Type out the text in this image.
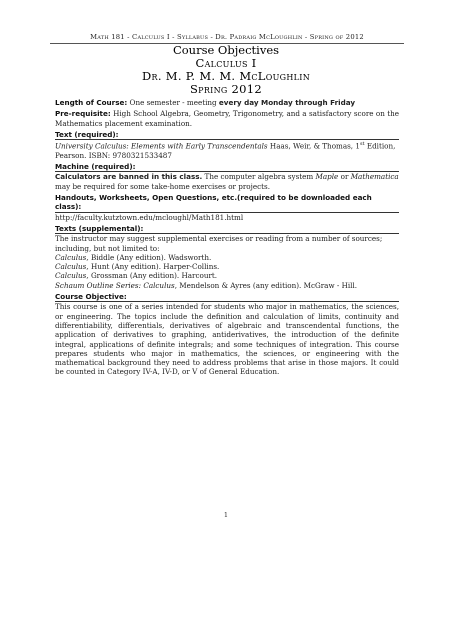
Math 181 - Calculus I - Syllabus - Dr. Padraig McLoughlin - Spring of 2012
Course Objectives
Calculus I
Dr. M. P. M. M. McLoughlin
Spring 2012
Length of Course: One semester - meeting every day Monday through Friday
Pre-requisite: High School Algebra, Geometry, Trigonometry, and a satisfactory score on the Mathematics placement examination.
Text (required):
University Calculus: Elements with Early Transcendentals Haas, Weir, & Thomas, 1st Edition,
Pearson. ISBN: 978032153348​7
Machine (required):
Calculators are banned in this class. The computer algebra system Maple or Mathematica may be required for some take-home exercises or projects.
Handouts, Worksheets, Open Questions, etc.(required to be downloaded each class):
http://faculty.kutztown.edu/mcloughl/Math181.html
Texts (supplemental):
The instructor may suggest supplemental exercises or reading from a number of sources; including, but not limited to:
Calculus, Biddle (Any edition). Wadsworth.
Calculus, Hunt (Any edition). Harper-Collins.
Calculus, Grossman (Any edition). Harcourt.
Schaum Outline Series: Calculus, Mendelson & Ayres (any edition). McGraw - Hill.
Course Objective:
This course is one of a series intended for students who major in mathematics, the sciences, or engineering. The topics include the definition and calculation of limits, continuity and differentiability, differentials, derivatives of algebraic and transcendental functions, the application of derivatives to graphing, antiderivatives, the introduction of the definite integral, applications of definite integrals; and some techniques of integration. This course prepares students who major in mathematics, the sciences, or engineering with the mathematical background they need to address problems that arise in those majors. It could be counted in Category IV-A, IV-D, or V of General Education.
1
